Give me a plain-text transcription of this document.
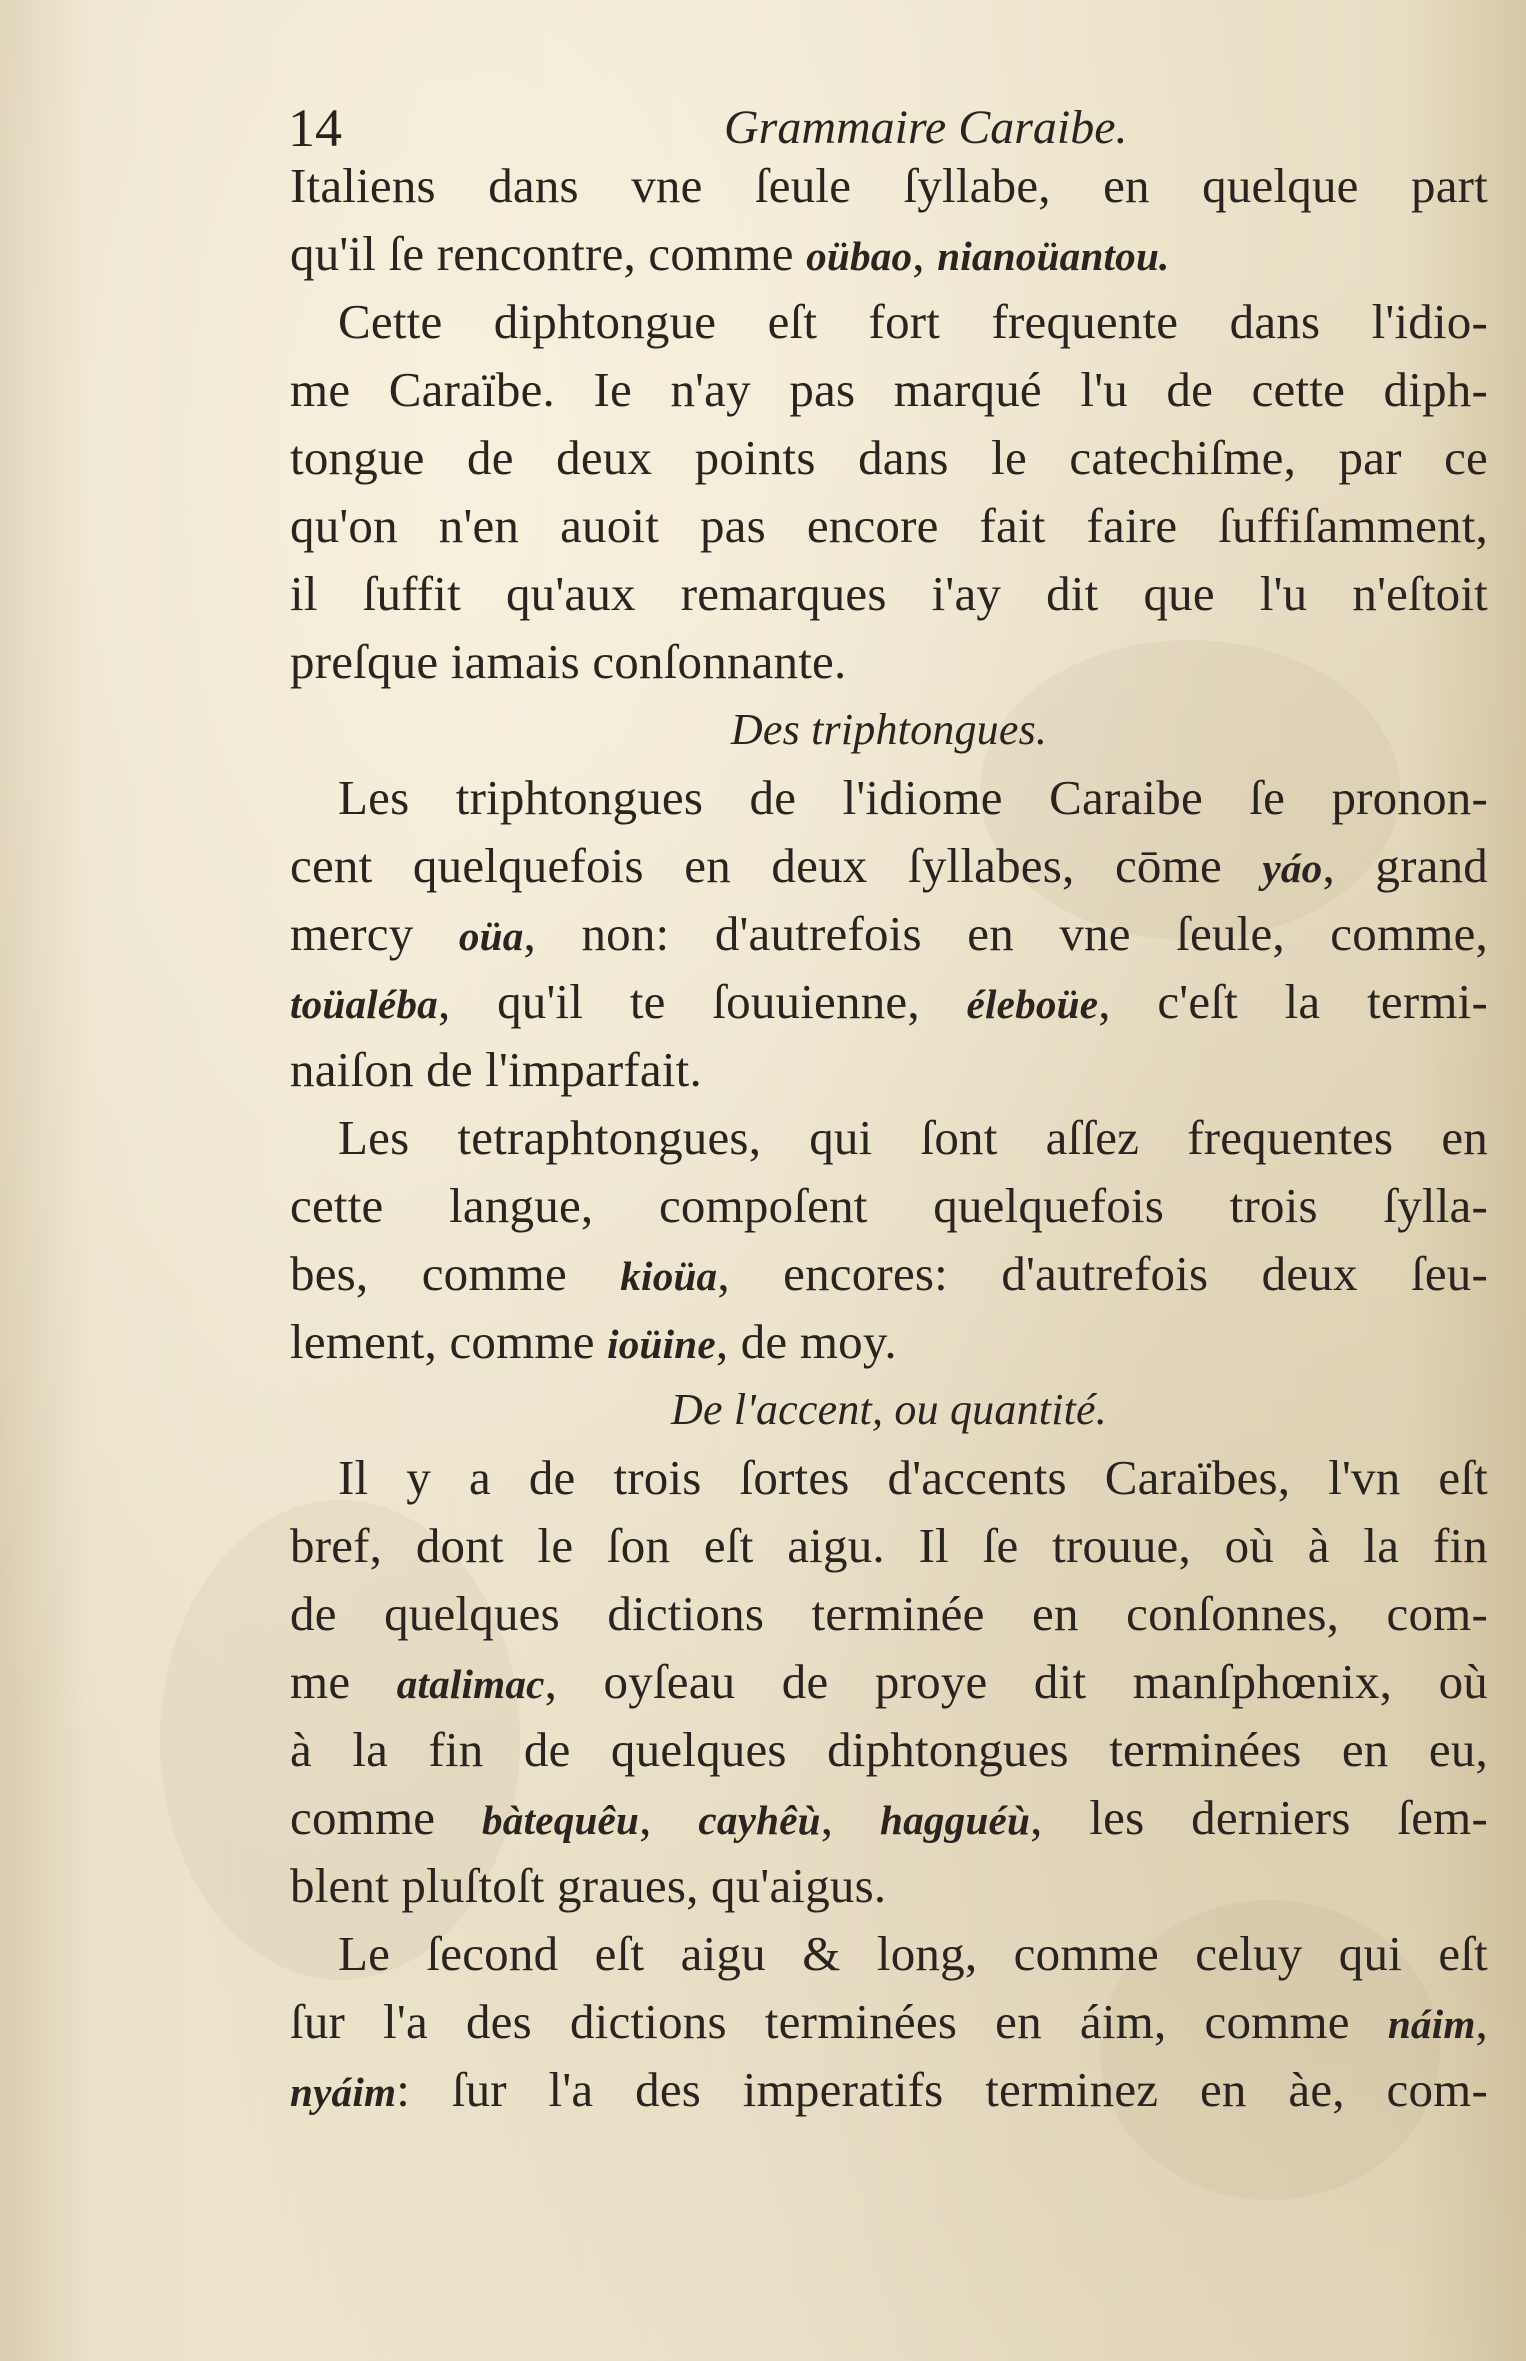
14	Grammaire Caraibe.
Italiens dans vne ſeule ſyllabe, en quelque part
qu'il ſe rencontre, comme oübao, nianoüantou.
Cette diphtongue eſt fort frequente dans l'idio-
me Caraïbe. Ie n'ay pas marqué l'u de cette diph-
tongue de deux points dans le catechiſme, par ce
qu'on n'en auoit pas encore fait faire ſuffiſamment,
il ſuffit qu'aux remarques i'ay dit que l'u n'eſtoit
preſque iamais conſonnante.
Des triphtongues.
Les triphtongues de l'idiome Caraibe ſe pronon-
cent quelquefois en deux ſyllabes, cōme yáo, grand
mercy oüa, non: d'autrefois en vne ſeule, comme,
toüaléba, qu'il te ſouuienne, éleboüe, c'eſt la termi-
naiſon de l'imparfait.
Les tetraphtongues, qui ſont aſſez frequentes en
cette langue, compoſent quelquefois trois ſylla-
bes, comme kioüa, encores: d'autrefois deux ſeu-
lement, comme ioüine, de moy.
De l'accent, ou quantité.
Il y a de trois ſortes d'accents Caraïbes, l'vn eſt
bref, dont le ſon eſt aigu. Il ſe trouue, où à la fin
de quelques dictions terminée en conſonnes, com-
me atalimac, oyſeau de proye dit manſphœnix, où
à la fin de quelques diphtongues terminées en eu,
comme bàtequêu, cayhêù, hagguéù, les derniers ſem-
blent pluſtoſt graues, qu'aigus.
Le ſecond eſt aigu & long, comme celuy qui eſt
ſur l'a des dictions terminées en áim, comme náim,
nyáim: ſur l'a des imperatifs terminez en àe, com-
